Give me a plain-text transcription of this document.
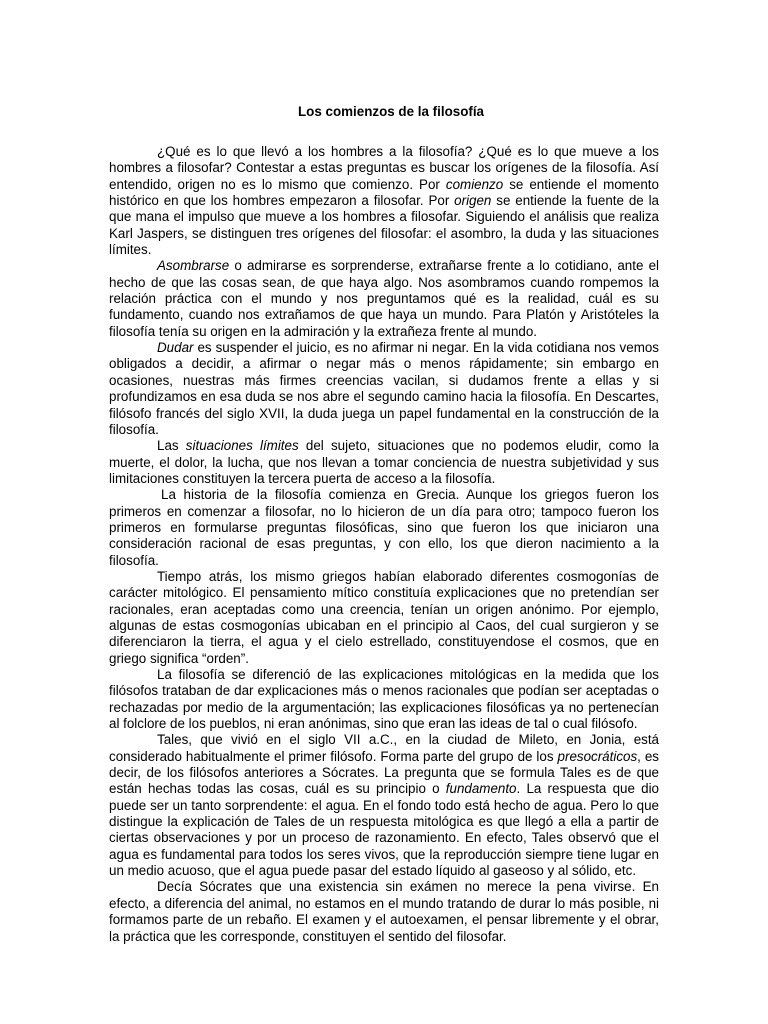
Los comienzos de la filosofía

¿Qué es lo que llevó a los hombres a la filosofía? ¿Qué es lo que mueve a los hombres a filosofar? Contestar a estas preguntas es buscar los orígenes de la filosofía. Así entendido, origen no es lo mismo que comienzo. Por comienzo se entiende el momento histórico en que los hombres empezaron a filosofar. Por origen se entiende la fuente de la que mana el impulso que mueve a los hombres a filosofar. Siguiendo el análisis que realiza Karl Jaspers, se distinguen tres orígenes del filosofar: el asombro, la duda y las situaciones límites.

Asombrarse o admirarse es sorprenderse, extrañarse frente a lo cotidiano, ante el hecho de que las cosas sean, de que haya algo. Nos asombramos cuando rompemos la relación práctica con el mundo y nos preguntamos qué es la realidad, cuál es su fundamento, cuando nos extrañamos de que haya un mundo. Para Platón y Aristóteles la filosofía tenía su origen en la admiración y la extrañeza frente al mundo.

Dudar es suspender el juicio, es no afirmar ni negar. En la vida cotidiana nos vemos obligados a decidir, a afirmar o negar más o menos rápidamente; sin embargo en ocasiones, nuestras más firmes creencias vacilan, si dudamos frente a ellas y si profundizamos en esa duda se nos abre el segundo camino hacia la filosofía. En Descartes, filósofo francés del siglo XVII, la duda juega un papel fundamental en la construcción de la filosofía.

Las situaciones límites del sujeto, situaciones que no podemos eludir, como la muerte, el dolor, la lucha, que nos llevan a tomar conciencia de nuestra subjetividad y sus limitaciones constituyen la tercera puerta de acceso a la filosofía.

La historia de la filosofía comienza en Grecia. Aunque los griegos fueron los primeros en comenzar a filosofar, no lo hicieron de un día para otro; tampoco fueron los primeros en formularse preguntas filosóficas, sino que fueron los que iniciaron una consideración racional de esas preguntas, y con ello, los que dieron nacimiento a la filosofía.

Tiempo atrás, los mismo griegos habían elaborado diferentes cosmogonías de carácter mitológico. El pensamiento mítico constituía explicaciones que no pretendían ser racionales, eran aceptadas como una creencia, tenían un origen anónimo. Por ejemplo, algunas de estas cosmogonías ubicaban en el principio al Caos, del cual surgieron y se diferenciaron la tierra, el agua y el cielo estrellado, constituyendose el cosmos, que en griego significa “orden”.

La filosofía se diferenció de las explicaciones mitológicas en la medida que los filósofos trataban de dar explicaciones más o menos racionales que podían ser aceptadas o rechazadas por medio de la argumentación; las explicaciones filosóficas ya no pertenecían al folclore de los pueblos, ni eran anónimas, sino que eran las ideas de tal o cual filósofo.

Tales, que vivió en el siglo VII a.C., en la ciudad de Mileto, en Jonia, está considerado habitualmente el primer filósofo. Forma parte del grupo de los presocráticos, es decir, de los filósofos anteriores a Sócrates. La pregunta que se formula Tales es de que están hechas todas las cosas, cuál es su principio o fundamento. La respuesta que dio puede ser un tanto sorprendente: el agua. En el fondo todo está hecho de agua. Pero lo que distingue la explicación de Tales de un respuesta mitológica es que llegó a ella a partir de ciertas observaciones y por un proceso de razonamiento. En efecto, Tales observó que el agua es fundamental para todos los seres vivos, que la reproducción siempre tiene lugar en un medio acuoso, que el agua puede pasar del estado líquido al gaseoso y al sólido, etc.

Decía Sócrates que una existencia sin exámen no merece la pena vivirse. En efecto, a diferencia del animal, no estamos en el mundo tratando de durar lo más posible, ni formamos parte de un rebaño. El examen y el autoexamen, el pensar libremente y el obrar, la práctica que les corresponde, constituyen el sentido del filosofar.
